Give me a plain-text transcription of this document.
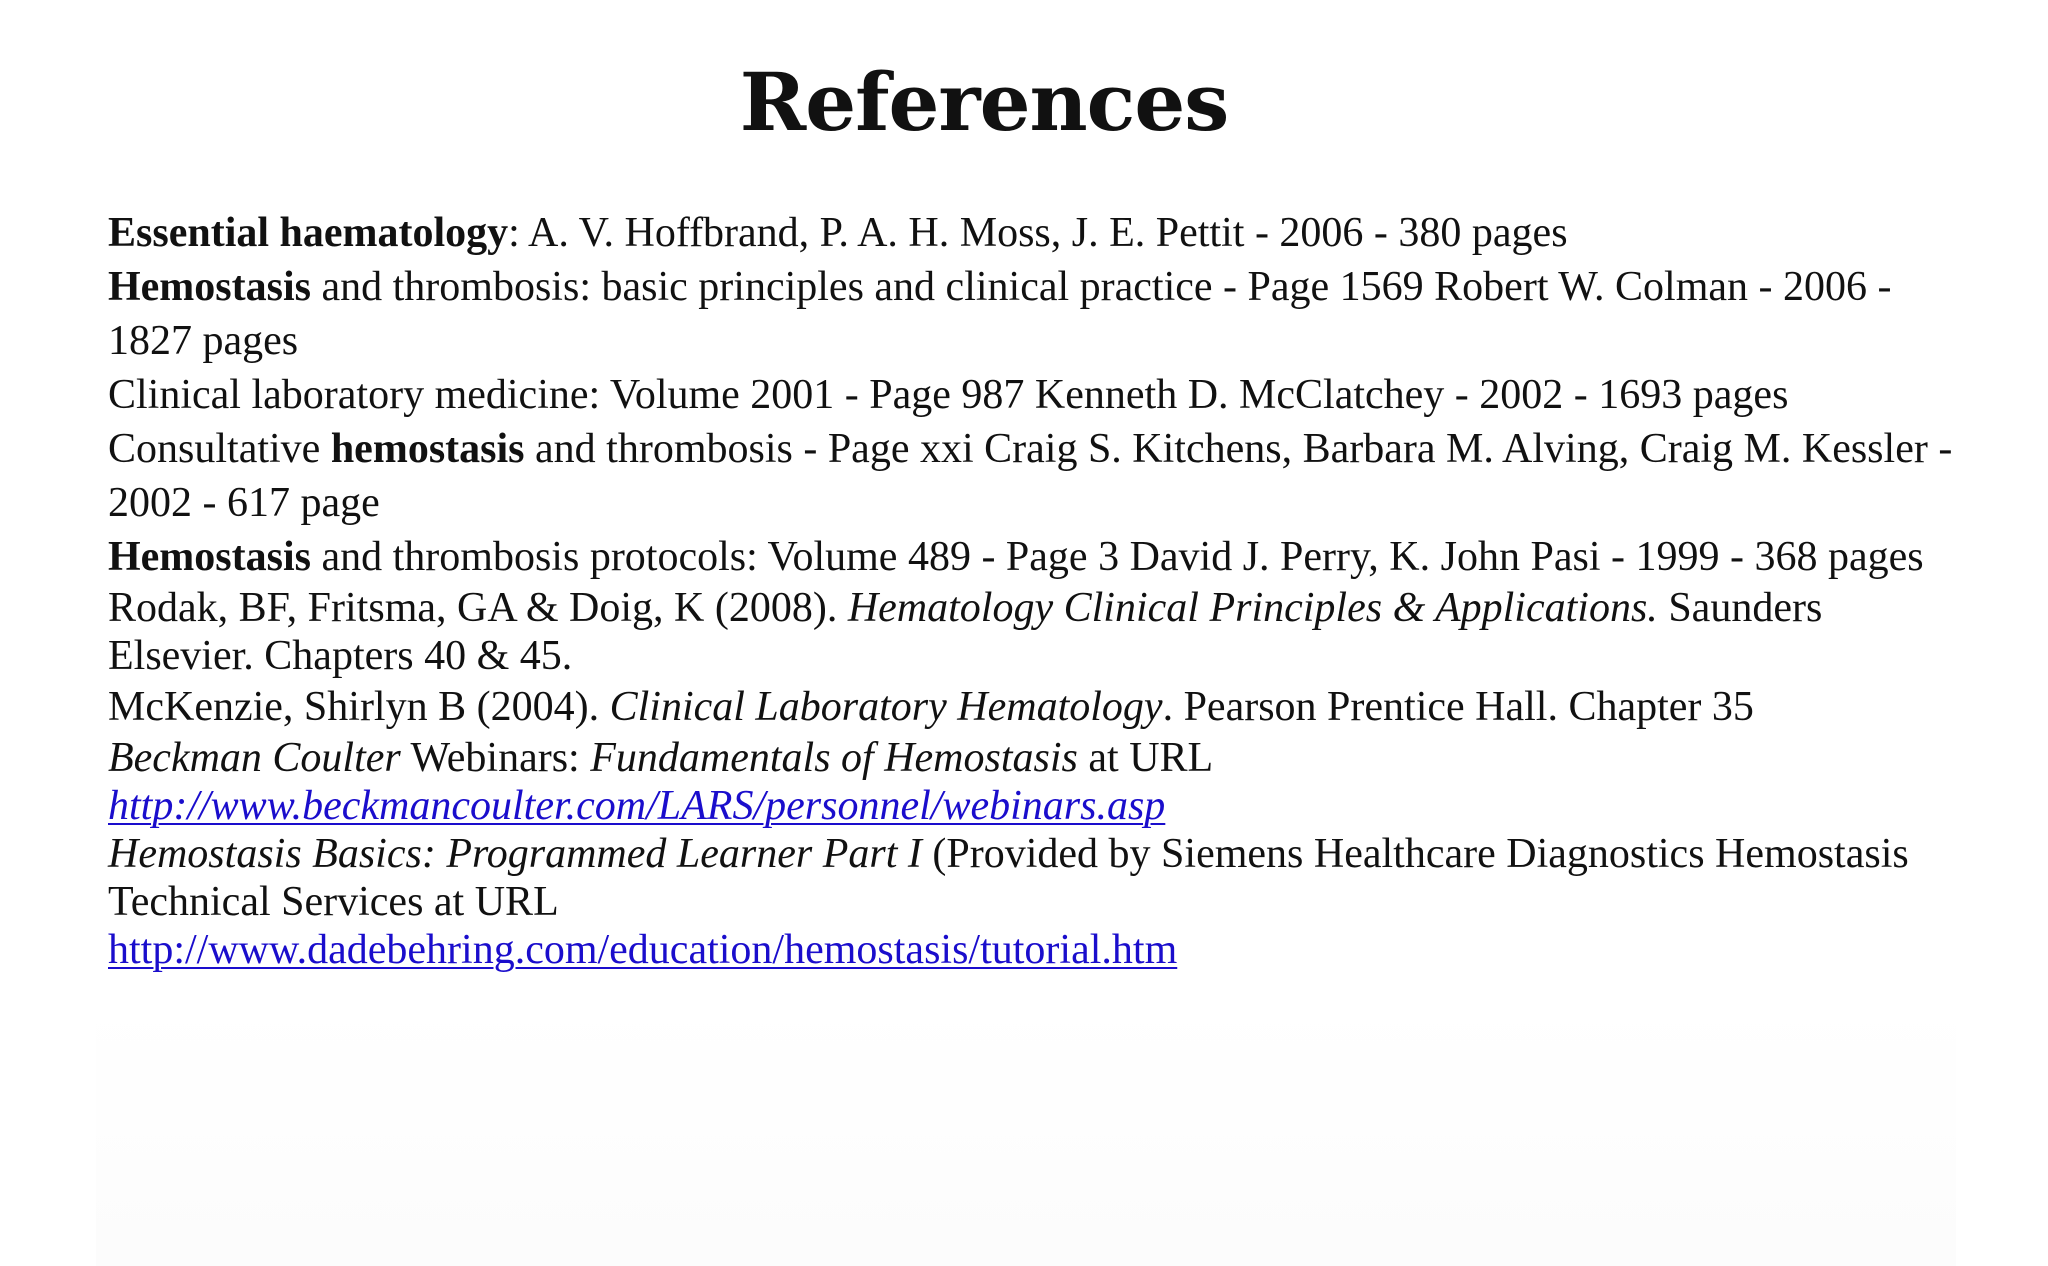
References

Essential haematology: A. V. Hoffbrand, P. A. H. Moss, J. E. Pettit - 2006 - 380 pages

Hemostasis and thrombosis: basic principles and clinical practice - Page 1569 Robert W. Colman - 2006 - 1827 pages

Clinical laboratory medicine: Volume 2001 - Page 987 Kenneth D. McClatchey - 2002 - 1693 pages

Consultative hemostasis and thrombosis - Page xxi Craig S. Kitchens, Barbara M. Alving, Craig M. Kessler - 2002 - 617 page

Hemostasis and thrombosis protocols: Volume 489 - Page 3 David J. Perry, K. John Pasi - 1999 - 368 pages

Rodak, BF, Fritsma, GA & Doig, K (2008). Hematology Clinical Principles & Applications. Saunders Elsevier. Chapters 40 & 45.

McKenzie, Shirlyn B (2004). Clinical Laboratory Hematology. Pearson Prentice Hall. Chapter 35

Beckman Coulter Webinars: Fundamentals of Hemostasis at URL
http://www.beckmancoulter.com/LARS/personnel/webinars.asp

Hemostasis Basics: Programmed Learner Part I (Provided by Siemens Healthcare Diagnostics Hemostasis Technical Services at URL
http://www.dadebehring.com/education/hemostasis/tutorial.htm
